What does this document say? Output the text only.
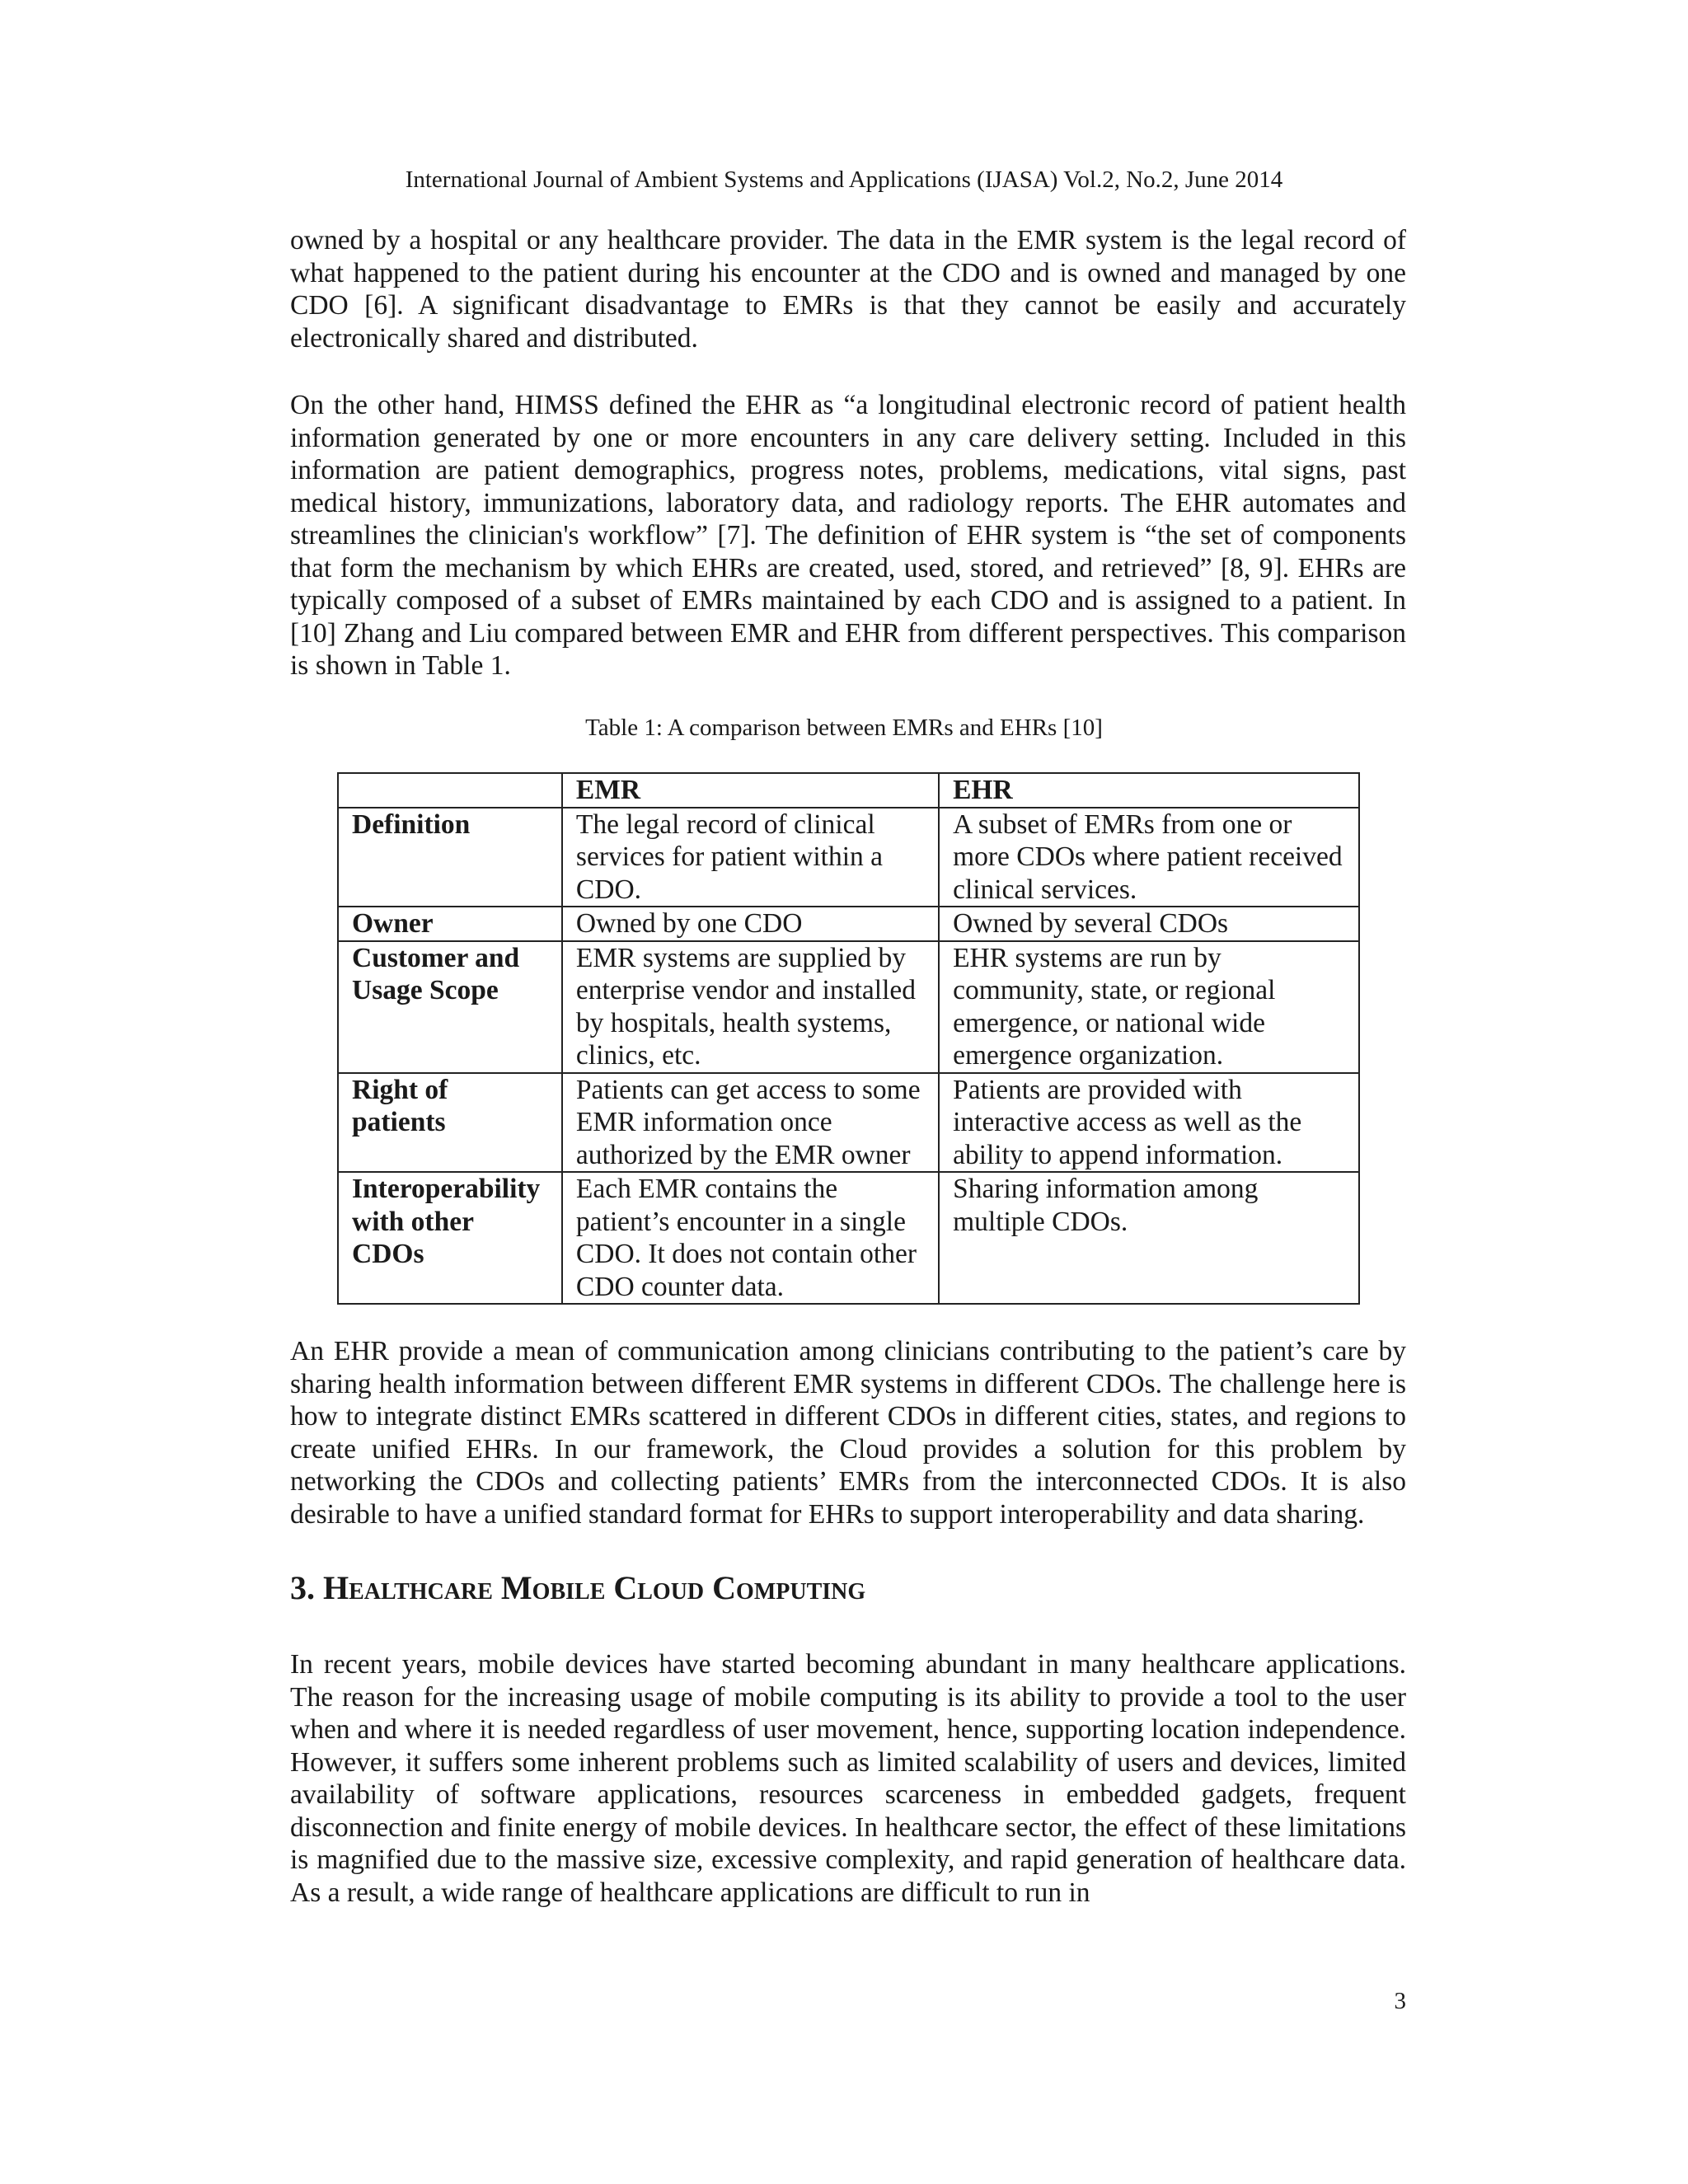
International Journal of Ambient Systems and Applications (IJASA) Vol.2, No.2, June 2014

owned by a hospital or any healthcare provider. The data in the EMR system is the legal record of what happened to the patient during his encounter at the CDO and is owned and managed by one CDO [6]. A significant disadvantage to EMRs is that they cannot be easily and accurately electronically shared and distributed.

On the other hand, HIMSS defined the EHR as “a longitudinal electronic record of patient health information generated by one or more encounters in any care delivery setting. Included in this information are patient demographics, progress notes, problems, medications, vital signs, past medical history, immunizations, laboratory data, and radiology reports. The EHR automates and streamlines the clinician's workflow” [7]. The definition of EHR system is “the set of components that form the mechanism by which EHRs are created, used, stored, and retrieved” [8, 9]. EHRs are typically composed of a subset of EMRs maintained by each CDO and is assigned to a patient. In [10] Zhang and Liu compared between EMR and EHR from different perspectives. This comparison is shown in Table 1.

Table 1: A comparison between EMRs and EHRs [10]
	EMR	EHR
Definition	The legal record of clinical services for patient within a CDO.	A subset of EMRs from one or more CDOs where patient received clinical services.
Owner	Owned by one CDO	Owned by several CDOs
Customer and Usage Scope	EMR systems are supplied by enterprise vendor and installed by hospitals, health systems, clinics, etc.	EHR systems are run by community, state, or regional emergence, or national wide emergence organization.
Right of patients	Patients can get access to some EMR information once authorized by the EMR owner	Patients are provided with interactive access as well as the ability to append information.
Interoperability with other CDOs	Each EMR contains the patient’s encounter in a single CDO. It does not contain other CDO counter data.	Sharing information among multiple CDOs.

An EHR provide a mean of communication among clinicians contributing to the patient’s care by sharing health information between different EMR systems in different CDOs. The challenge here is how to integrate distinct EMRs scattered in different CDOs in different cities, states, and regions to create unified EHRs. In our framework, the Cloud provides a solution for this problem by networking the CDOs and collecting patients’ EMRs from the interconnected CDOs. It is also desirable to have a unified standard format for EHRs to support interoperability and data sharing.

3. Healthcare Mobile Cloud Computing

In recent years, mobile devices have started becoming abundant in many healthcare applications. The reason for the increasing usage of mobile computing is its ability to provide a tool to the user when and where it is needed regardless of user movement, hence, supporting location independence. However, it suffers some inherent problems such as limited scalability of users and devices, limited availability of software applications, resources scarceness in embedded gadgets, frequent disconnection and finite energy of mobile devices. In healthcare sector, the effect of these limitations is magnified due to the massive size, excessive complexity, and rapid generation of healthcare data. As a result, a wide range of healthcare applications are difficult to run in

3
